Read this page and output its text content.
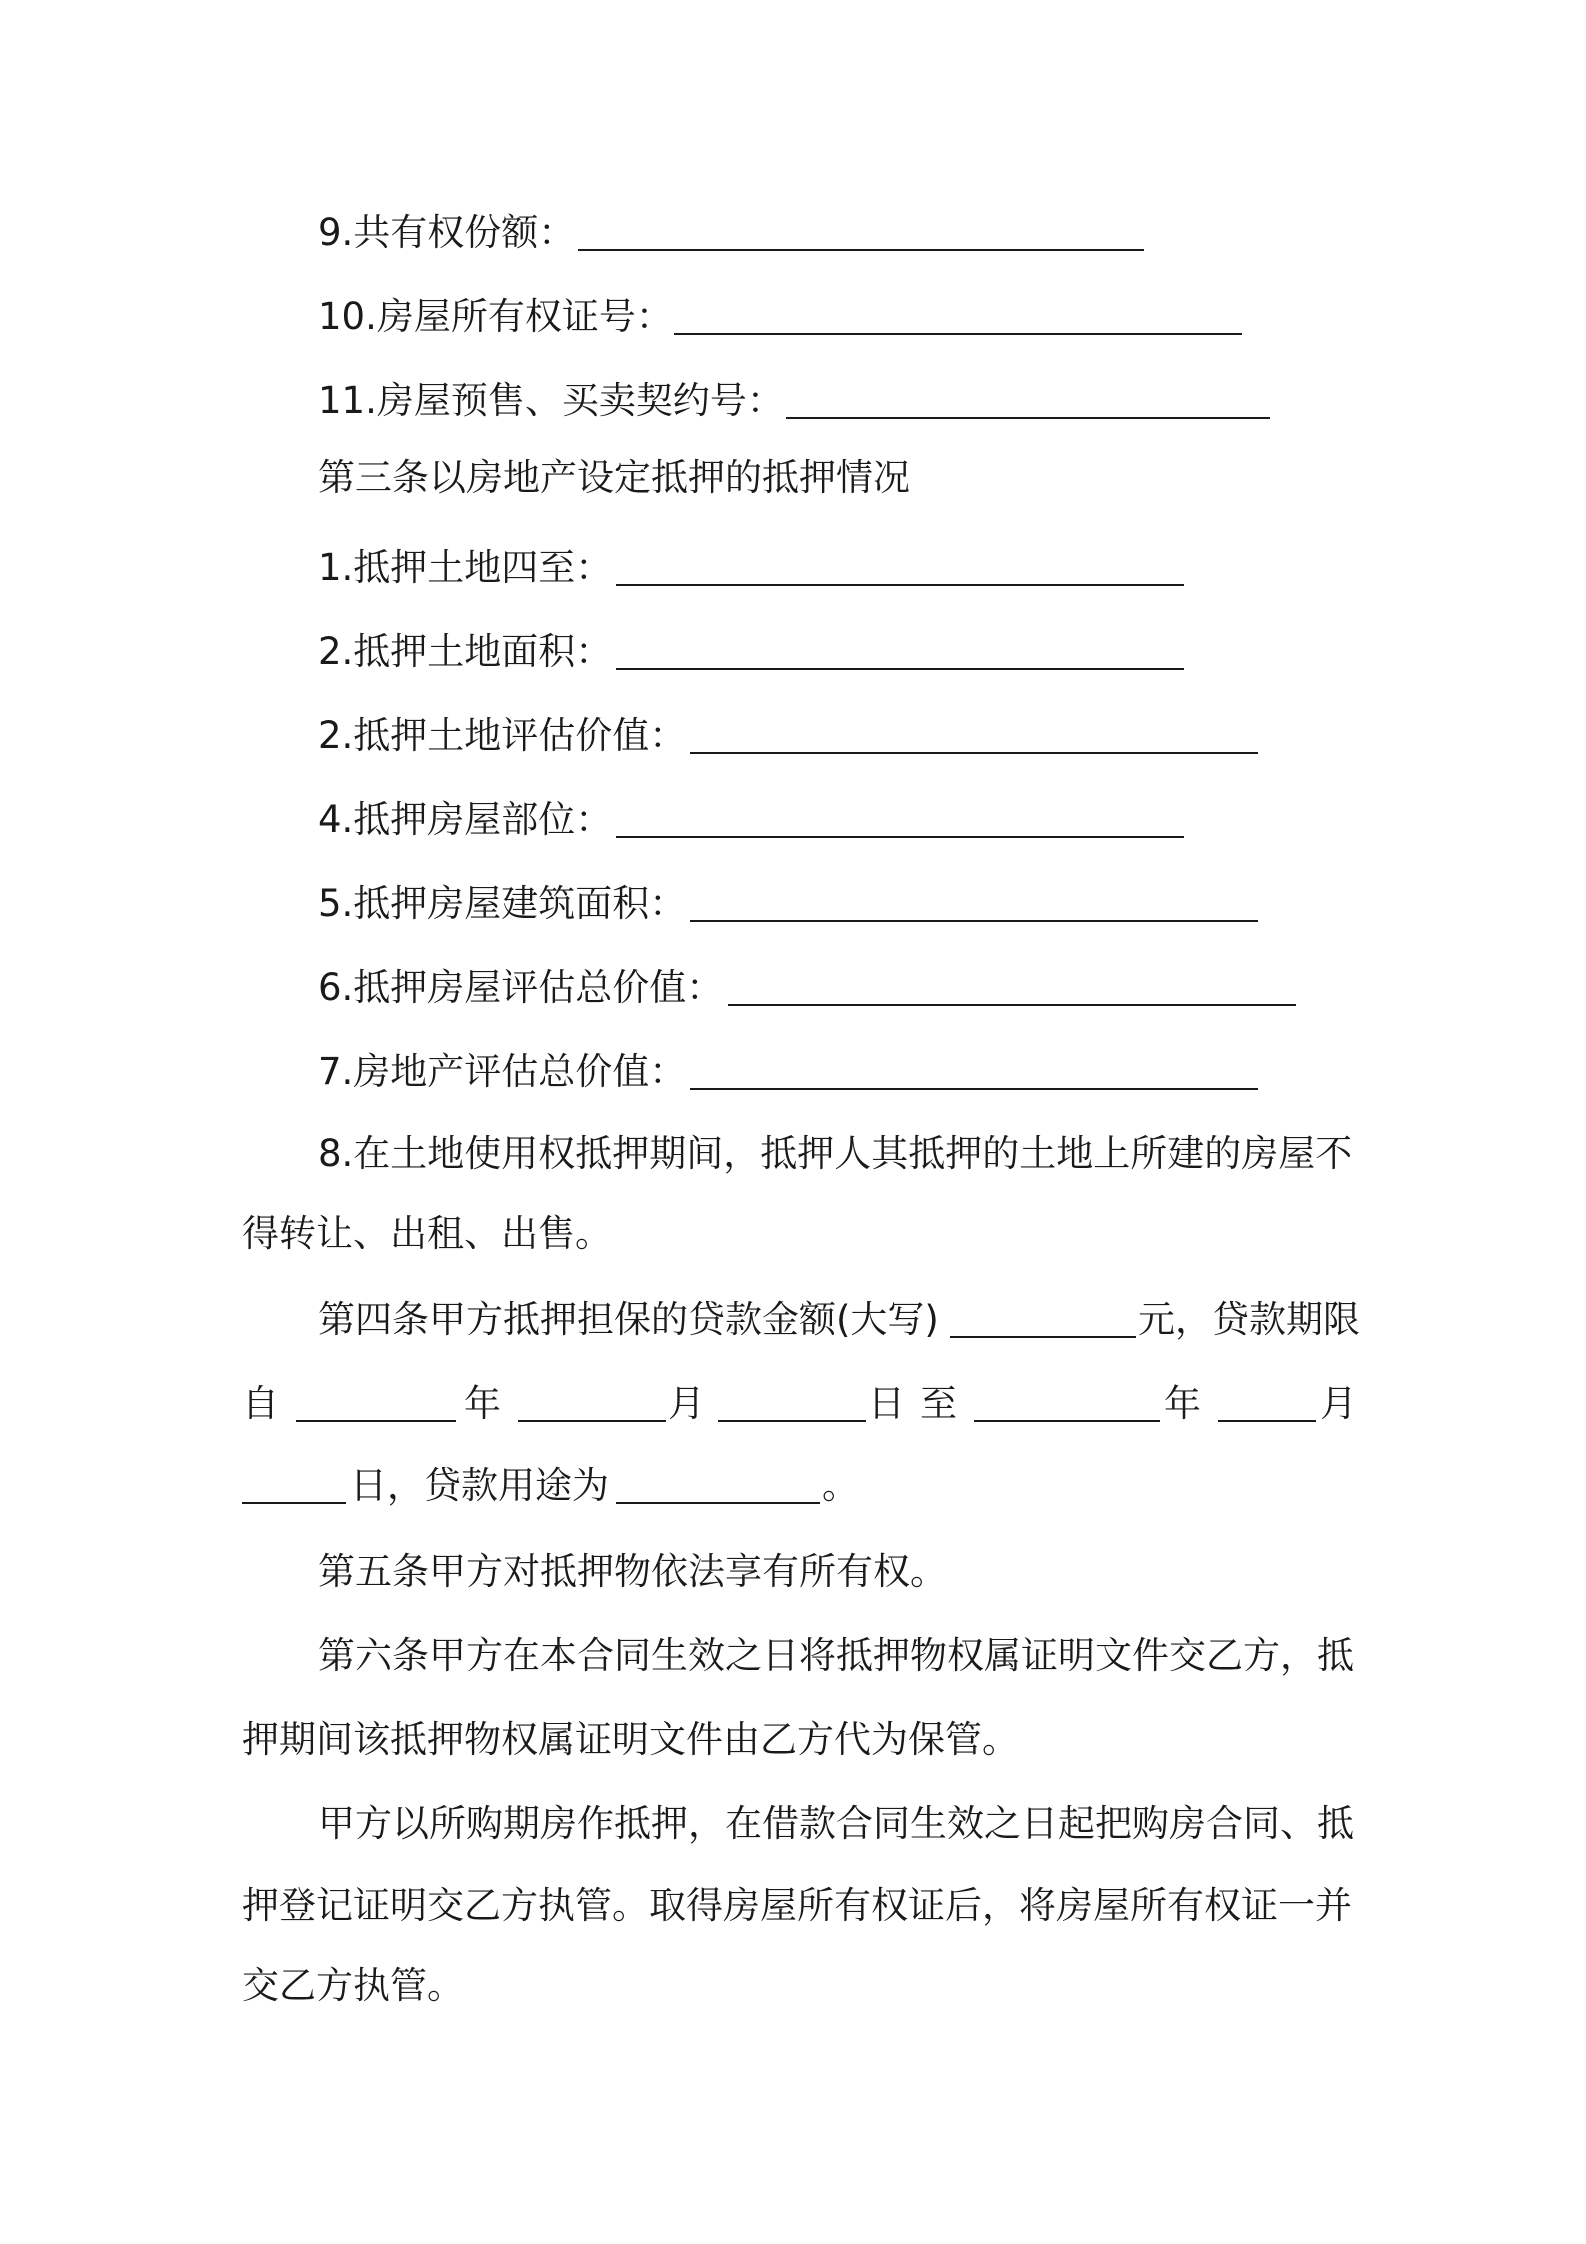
9.共有权份额：
10.房屋所有权证号：
11.房屋预售、买卖契约号：
第三条以房地产设定抵押的抵押情况
1.抵押土地四至：
2.抵押土地面积：
2.抵押土地评估价值：
4.抵押房屋部位：
5.抵押房屋建筑面积：
6.抵押房屋评估总价值：
7.房地产评估总价值：
8.在土地使用权抵押期间，抵押人其抵押的土地上所建的房屋不
得转让、出租、出售。
第四条甲方抵押担保的贷款金额(大写)	元，贷款期限
自	年	月	日 至	年	月
日，贷款用途为	。
第五条甲方对抵押物依法享有所有权。
第六条甲方在本合同生效之日将抵押物权属证明文件交乙方，抵
押期间该抵押物权属证明文件由乙方代为保管。
甲方以所购期房作抵押，在借款合同生效之日起把购房合同、抵
押登记证明交乙方执管。取得房屋所有权证后，将房屋所有权证一并
交乙方执管。
